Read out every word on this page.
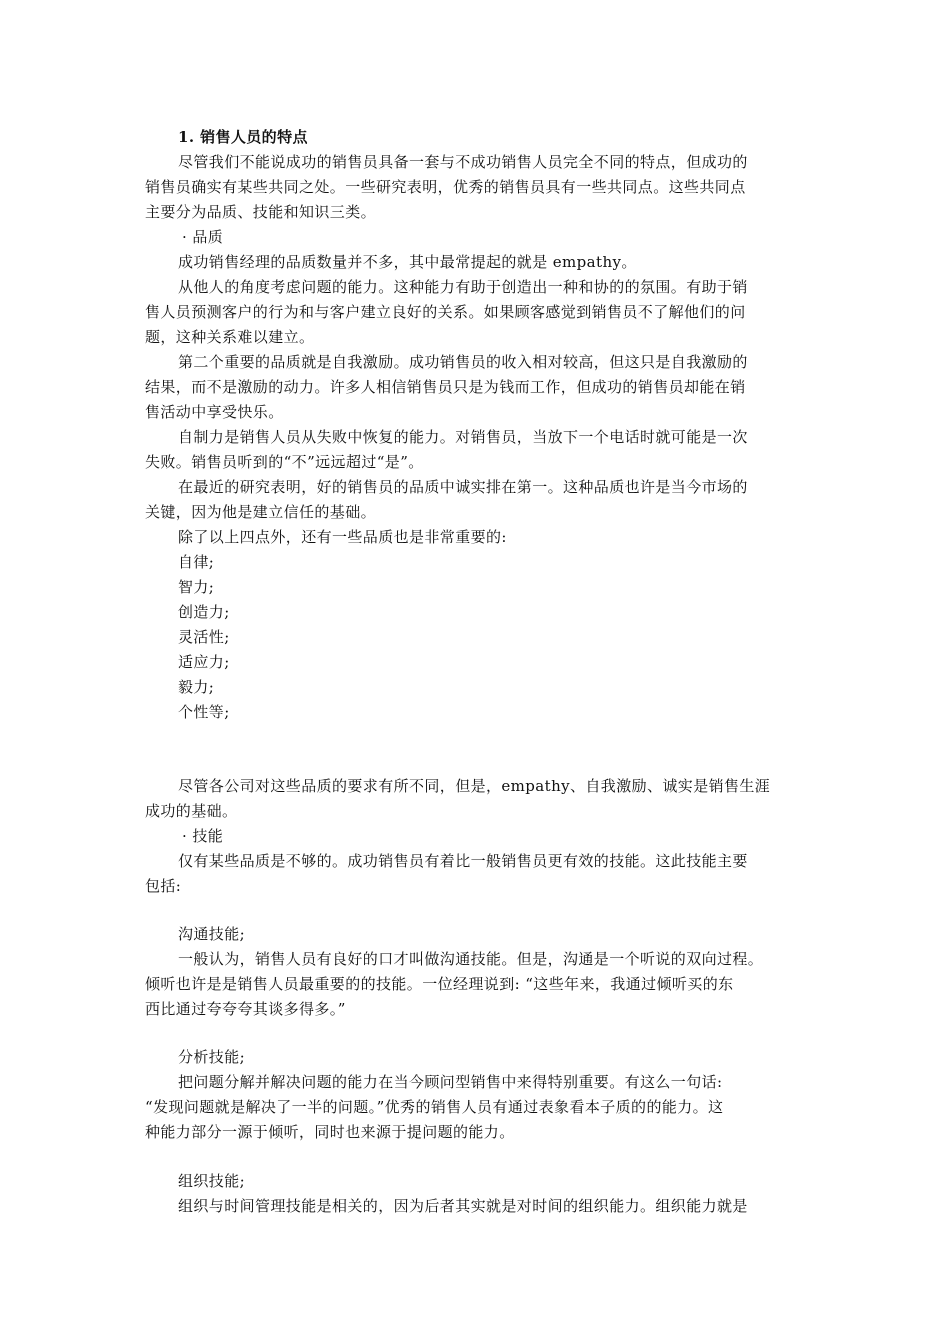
1. 销售人员的特点
尽管我们不能说成功的销售员具备一套与不成功销售人员完全不同的特点，但成功的
销售员确实有某些共同之处。一些研究表明，优秀的销售员具有一些共同点。这些共同点
主要分为品质、技能和知识三类。
· 品质
成功销售经理的品质数量并不多，其中最常提起的就是 empathy。
从他人的角度考虑问题的能力。这种能力有助于创造出一种和协的的氛围。有助于销
售人员预测客户的行为和与客户建立良好的关系。如果顾客感觉到销售员不了解他们的问
题，这种关系难以建立。
第二个重要的品质就是自我激励。成功销售员的收入相对较高，但这只是自我激励的
结果，而不是激励的动力。许多人相信销售员只是为钱而工作，但成功的销售员却能在销
售活动中享受快乐。
自制力是销售人员从失败中恢复的能力。对销售员，当放下一个电话时就可能是一次
失败。销售员听到的“不”远远超过“是”。
在最近的研究表明，好的销售员的品质中诚实排在第一。这种品质也许是当今市场的
关键，因为他是建立信任的基础。
除了以上四点外，还有一些品质也是非常重要的:
自律;
智力;
创造力;
灵活性;
适应力;
毅力;
个性等;
尽管各公司对这些品质的要求有所不同，但是，empathy、自我激励、诚实是销售生涯
成功的基础。
· 技能
仅有某些品质是不够的。成功销售员有着比一般销售员更有效的技能。这此技能主要
包括:
沟通技能;
一般认为，销售人员有良好的口才叫做沟通技能。但是，沟通是一个听说的双向过程。
倾听也许是是销售人员最重要的的技能。一位经理说到: “这些年来，我通过倾听买的东
西比通过夸夸夸其谈多得多。”
分析技能;
把问题分解并解决问题的能力在当今顾问型销售中来得特别重要。有这么一句话:
“发现问题就是解决了一半的问题。”优秀的销售人员有通过表象看本子质的的能力。这
种能力部分一源于倾听，同时也来源于提问题的能力。
组织技能;
组织与时间管理技能是相关的，因为后者其实就是对时间的组织能力。组织能力就是
